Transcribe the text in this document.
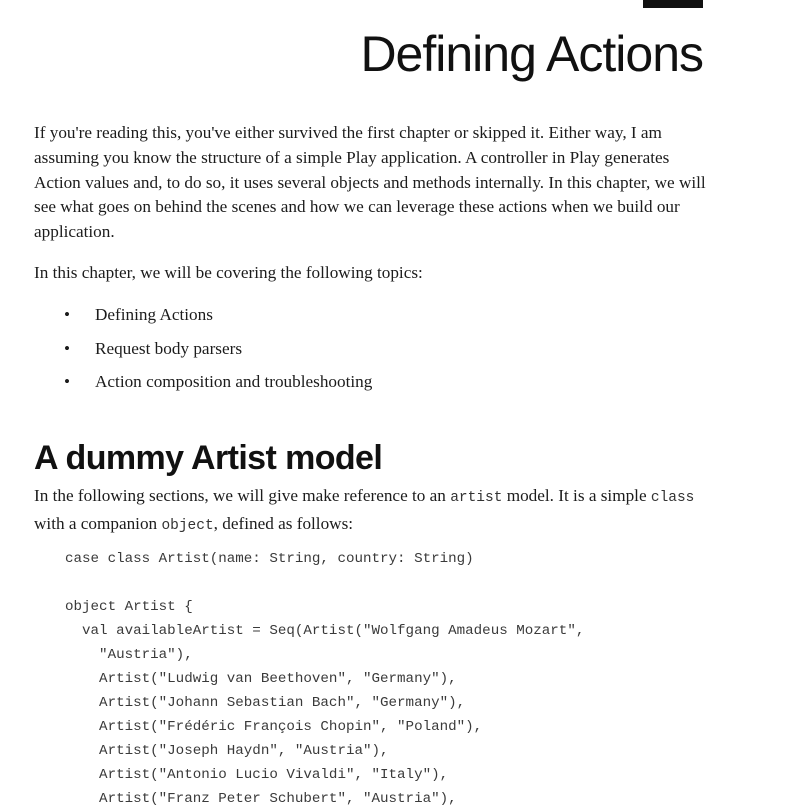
Defining Actions

If you're reading this, you've either survived the first chapter or skipped it. Either way, I am assuming you know the structure of a simple Play application. A controller in Play generates Action values and, to do so, it uses several objects and methods internally. In this chapter, we will see what goes on behind the scenes and how we can leverage these actions when we build our application.

In this chapter, we will be covering the following topics:

• Defining Actions
• Request body parsers
• Action composition and troubleshooting
A dummy Artist model

In the following sections, we will give make reference to an artist model. It is a simple class with a companion object, defined as follows:

case class Artist(name: String, country: String)
object Artist {
val availableArtist = Seq(Artist("Wolfgang Amadeus Mozart",
"Austria"),
Artist("Ludwig van Beethoven", "Germany"),
Artist("Johann Sebastian Bach", "Germany"),
Artist("Frédéric François Chopin", "Poland"),
Artist("Joseph Haydn", "Austria"),
Artist("Antonio Lucio Vivaldi", "Italy"),
Artist("Franz Peter Schubert", "Austria"),
